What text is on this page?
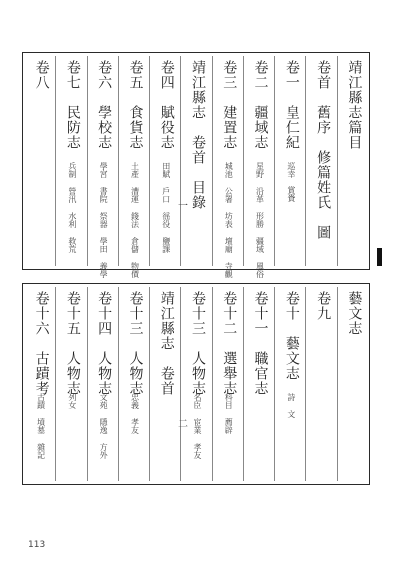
靖江縣志篇目
卷首　舊序　修篇姓氏　圖
卷一　皇仁紀
巡幸　賞賚
卷二　疆域志
星野 沿革 形勝 疆域 風俗
卷三　建置志
城池 公署 坊表 壇廟 寺觀
靖江縣志　卷首　目錄
卷四　賦役志
田賦 戶口 徭役 鹽課
卷五　食貨志
土產 漕運 錢法 倉儲 物價
卷六　學校志
學宮 書院 祭器 學田 義學
卷七　民防志
兵制 營汛 水利 救荒
卷八
藝文志
卷九
卷十　藝文志
詩 文
卷十一　職官志
卷十二　選舉志
科目 薦辟
卷十三　人物志
名臣 宦業 孝友
靖江縣志　卷首
卷十三　人物志
忠義 孝友
卷十四　人物志
文苑 隱逸 方外
卷十五　人物志
列女
卷十六　古蹟考
古蹟 墳墓 雜記
一
二
113
